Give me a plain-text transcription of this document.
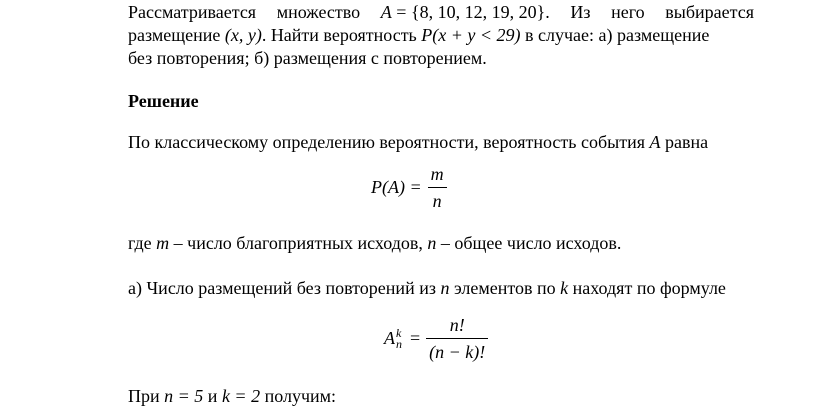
Рассматривается множество A = {8, 10, 12, 19, 20}. Из него выбирается
размещение (x, y). Найти вероятность P(x + y < 29) в случае: а) размещение
без повторения; б) размещения с повторением.
Решение
По классическому определению вероятности, вероятность события A равна
$P(A) = \frac{m}{n}$
где m – число благоприятных исходов, n – общее число исходов.
а) Число размещений без повторений из n элементов по k находят по формуле
A k
$n = \frac{n!}{(n - k)!}$
При n = 5 и k = 2 получим:
